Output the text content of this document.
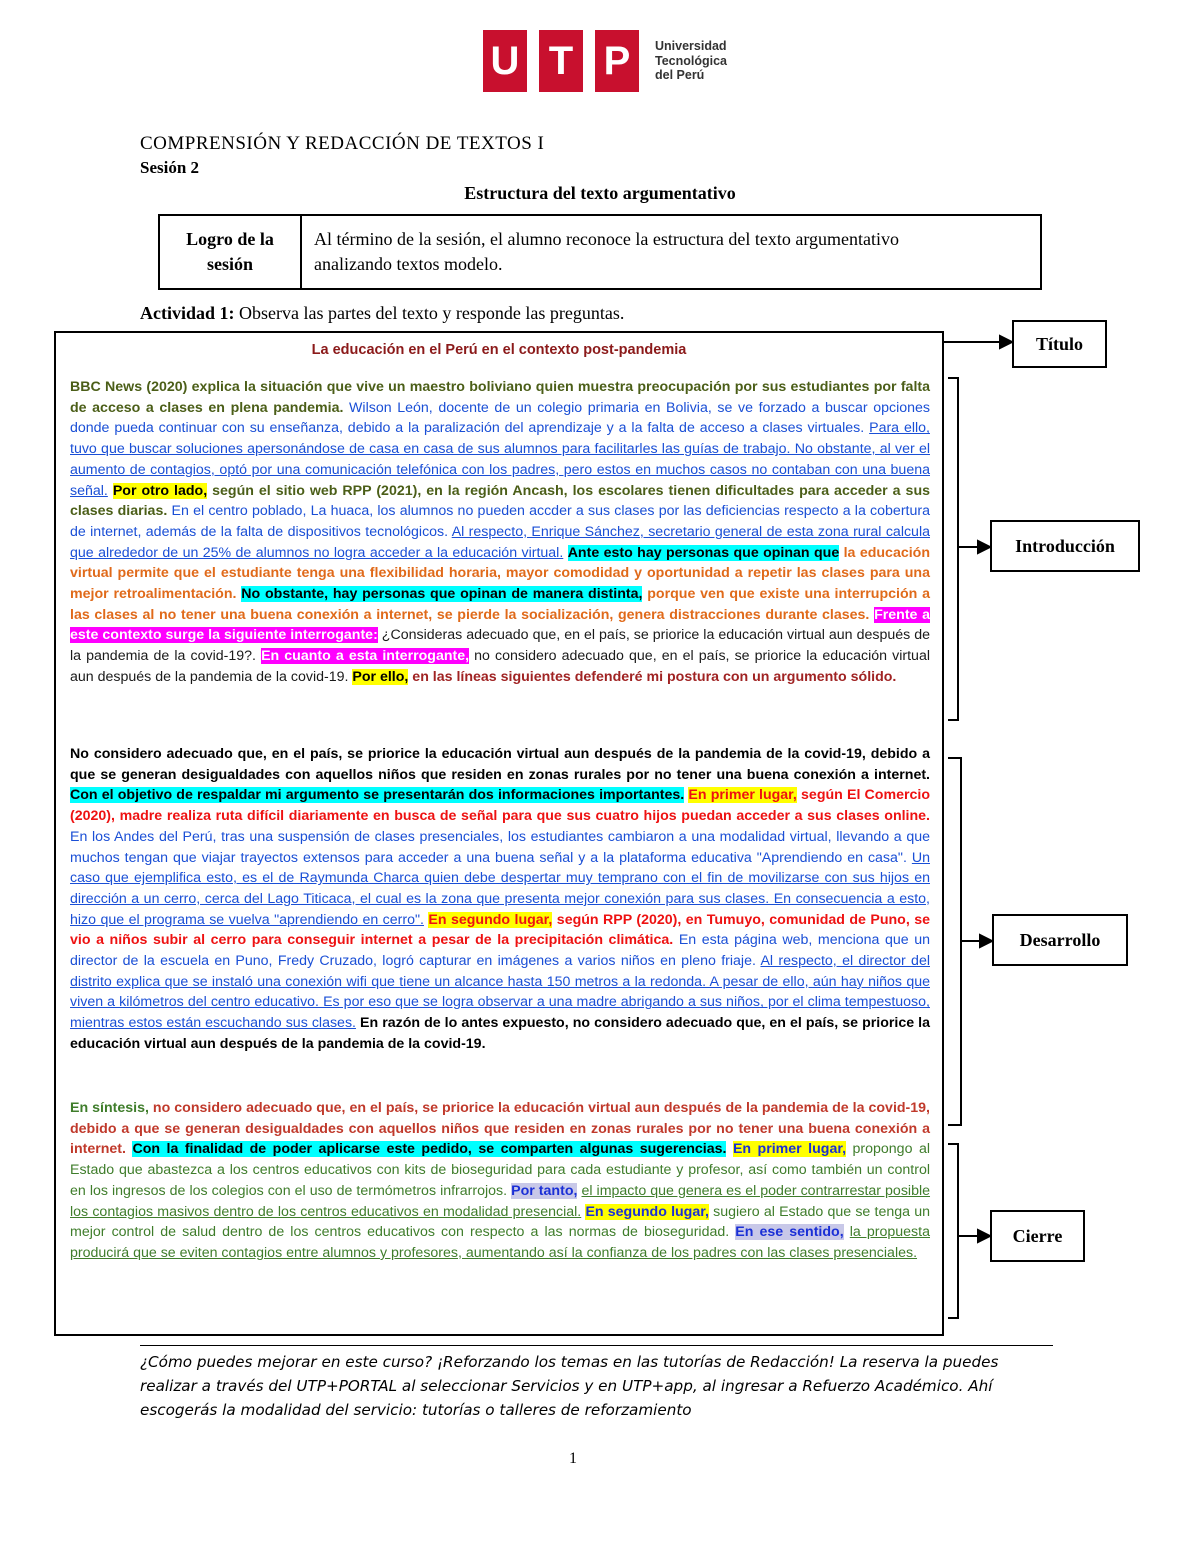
U T P	Universidad
Tecnológica
del Perú
COMPRENSIÓN Y REDACCIÓN DE TEXTOS I
Sesión 2
Estructura del texto argumentativo
Logro de la
sesión

Al término de la sesión, el alumno reconoce la estructura del texto argumentativo
analizando textos modelo.
Actividad 1: Observa las partes del texto y responde las preguntas.
La educación en el Perú en el contexto post-pandemia

BBC News (2020) explica la situación que vive un maestro boliviano quien muestra preocupación por sus estudiantes por falta de acceso a clases en plena pandemia. Wilson León, docente de un colegio primaria en Bolivia, se ve forzado a buscar opciones donde pueda continuar con su enseñanza, debido a la paralización del aprendizaje y a la falta de acceso a clases virtuales. Para ello, tuvo que buscar soluciones apersonándose de casa en casa de sus alumnos para facilitarles las guías de trabajo. No obstante, al ver el aumento de contagios, optó por una comunicación telefónica con los padres, pero estos en muchos casos no contaban con una buena señal. Por otro lado, según el sitio web RPP (2021), en la región Ancash, los escolares tienen dificultades para acceder a sus clases diarias. En el centro poblado, La huaca, los alumnos no pueden accder a sus clases por las deficiencias respecto a la cobertura de internet, además de la falta de dispositivos tecnológicos. Al respecto, Enrique Sánchez, secretario general de esta zona rural calcula que alrededor de un 25% de alumnos no logra acceder a la educación virtual. Ante esto hay personas que opinan que la educación virtual permite que el estudiante tenga una flexibilidad horaria, mayor comodidad y oportunidad a repetir las clases para una mejor retroalimentación. No obstante, hay personas que opinan de manera distinta, porque ven que existe una interrupción a las clases al no tener una buena conexión a internet, se pierde la socialización, genera distracciones durante clases. Frente a este contexto surge la siguiente interrogante: ¿Consideras adecuado que, en el país, se priorice la educación virtual aun después de la pandemia de la covid-19?. En cuanto a esta interrogante, no considero adecuado que, en el país, se priorice la educación virtual aun después de la pandemia de la covid-19. Por ello, en las líneas siguientes defenderé mi postura con un argumento sólido.

No considero adecuado que, en el país, se priorice la educación virtual aun después de la pandemia de la covid-19, debido a que se generan desigualdades con aquellos niños que residen en zonas rurales por no tener una buena conexión a internet. Con el objetivo de respaldar mi argumento se presentarán dos informaciones importantes. En primer lugar, según El Comercio (2020), madre realiza ruta difícil diariamente en busca de señal para que sus cuatro hijos puedan acceder a sus clases online. En los Andes del Perú, tras una suspensión de clases presenciales, los estudiantes cambiaron a una modalidad virtual, llevando a que muchos tengan que viajar trayectos extensos para acceder a una buena señal y a la plataforma educativa "Aprendiendo en casa". Un caso que ejemplifica esto, es el de Raymunda Charca quien debe despertar muy temprano con el fin de movilizarse con sus hijos en dirección a un cerro, cerca del Lago Titicaca, el cual es la zona que presenta mejor conexión para sus clases. En consecuencia a esto, hizo que el programa se vuelva "aprendiendo en cerro". En segundo lugar, según RPP (2020), en Tumuyo, comunidad de Puno, se vio a niños subir al cerro para conseguir internet a pesar de la precipitación climática. En esta página web, menciona que un director de la escuela en Puno, Fredy Cruzado, logró capturar en imágenes a varios niños en pleno friaje. Al respecto, el director del distrito explica que se instaló una conexión wifi que tiene un alcance hasta 150 metros a la redonda. A pesar de ello, aún hay niños que viven a kilómetros del centro educativo. Es por eso que se logra observar a una madre abrigando a sus niños, por el clima tempestuoso, mientras estos están escuchando sus clases. En razón de lo antes expuesto, no considero adecuado que, en el país, se priorice la educación virtual aun después de la pandemia de la covid-19.

En síntesis, no considero adecuado que, en el país, se priorice la educación virtual aun después de la pandemia de la covid-19, debido a que se generan desigualdades con aquellos niños que residen en zonas rurales por no tener una buena conexión a internet. Con la finalidad de poder aplicarse este pedido, se comparten algunas sugerencias. En primer lugar, propongo al Estado que abastezca a los centros educativos con kits de bioseguridad para cada estudiante y profesor, así como también un control en los ingresos de los colegios con el uso de termómetros infrarrojos. Por tanto, el impacto que genera es el poder contrarrestar posible los contagios masivos dentro de los centros educativos en modalidad presencial. En segundo lugar, sugiero al Estado que se tenga un mejor control de salud dentro de los centros educativos con respecto a las normas de bioseguridad. En ese sentido, la propuesta producirá que se eviten contagios entre alumnos y profesores, aumentando así la confianza de los padres con las clases presenciales.

Título
Introducción
Desarrollo
Cierre
¿Cómo puedes mejorar en este curso? ¡Reforzando los temas en las tutorías de Redacción! La reserva la puedes realizar a través del UTP+PORTAL al seleccionar Servicios y en UTP+app, al ingresar a Refuerzo Académico. Ahí escogerás la modalidad del servicio: tutorías o talleres de reforzamiento
1
